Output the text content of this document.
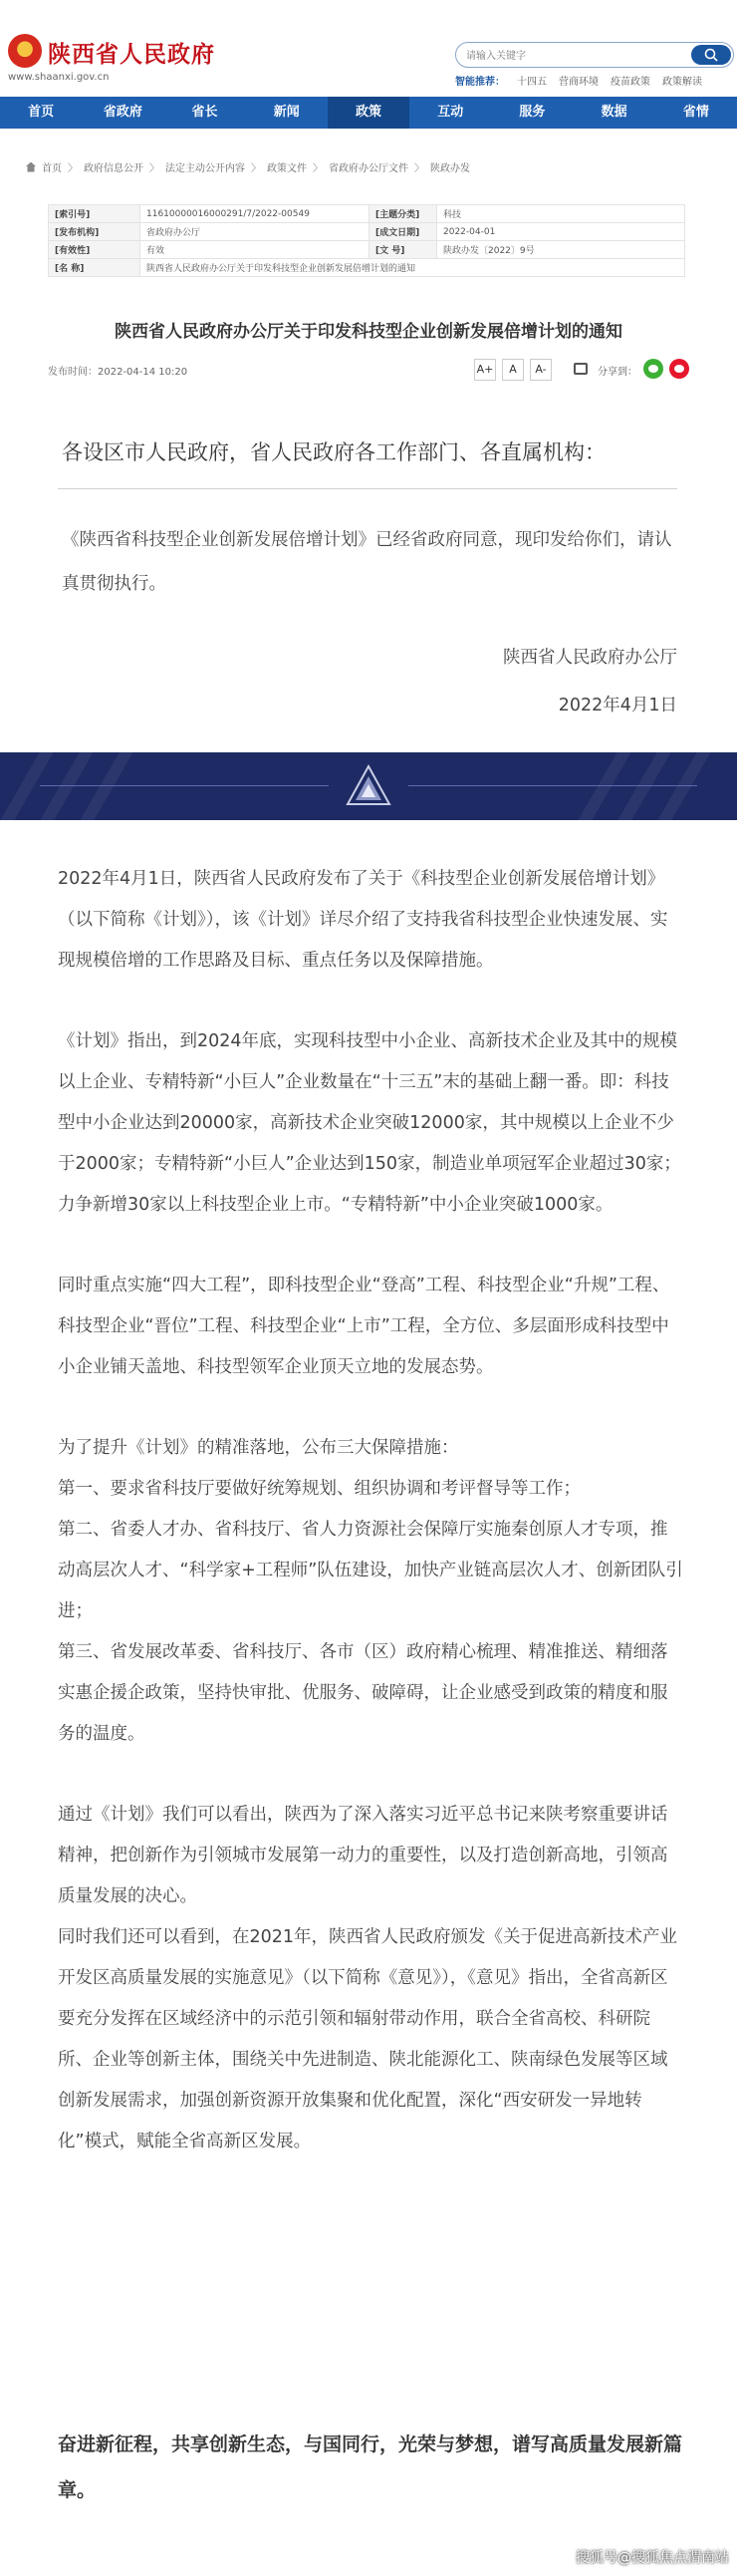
陕西省人民政府
www.shaanxi.gov.cn
请输入关键字	智能推荐： 十四五 营商环境 疫苗政策 政策解读
首页	省政府	省长	新闻	政策	互动	服务	数据	省情
首页 〉 政府信息公开 〉 法定主动公开内容 〉 政策文件 〉 省政府办公厅文件 〉 陕政办发
[索引号]	11610000016000291/7/2022-00549	[主题分类]	科技
[发布机构]	省政府办公厅	[成文日期]	2022-04-01
[有效性]	有效	[文 号]	陕政办发〔2022〕9号
[名 称]	陕西省人民政府办公厅关于印发科技型企业创新发展倍增计划的通知		
陕西省人民政府办公厅关于印发科技型企业创新发展倍增计划的通知
发布时间：2022-04-14 10:20	A+	A	A-	分享到：
各设区市人民政府，省人民政府各工作部门、各直属机构：
《陕西省科技型企业创新发展倍增计划》已经省政府同意，现印发给你们，请认真贯彻执行。
陕西省人民政府办公厅
2022年4月1日

2022年4月1日，陕西省人民政府发布了关于《科技型企业创新发展倍增计划》（以下简称《计划》），该《计划》详尽介绍了支持我省科技型企业快速发展、实现规模倍增的工作思路及目标、重点任务以及保障措施。

《计划》指出，到2024年底，实现科技型中小企业、高新技术企业及其中的规模以上企业、专精特新“小巨人”企业数量在“十三五”末的基础上翻一番。即：科技型中小企业达到20000家，高新技术企业突破12000家，其中规模以上企业不少于2000家；专精特新“小巨人”企业达到150家，制造业单项冠军企业超过30家；力争新增30家以上科技型企业上市。“专精特新”中小企业突破1000家。

同时重点实施“四大工程”，即科技型企业“登高”工程、科技型企业“升规”工程、科技型企业“晋位”工程、科技型企业“上市”工程，全方位、多层面形成科技型中小企业铺天盖地、科技型领军企业顶天立地的发展态势。

为了提升《计划》的精准落地，公布三大保障措施：

第一、要求省科技厅要做好统筹规划、组织协调和考评督导等工作；

第二、省委人才办、省科技厅、省人力资源社会保障厅实施秦创原人才专项，推动高层次人才、“科学家+工程师”队伍建设，加快产业链高层次人才、创新团队引进；

第三、省发展改革委、省科技厅、各市（区）政府精心梳理、精准推送、精细落实惠企援企政策，坚持快审批、优服务、破障碍，让企业感受到政策的精度和服务的温度。

通过《计划》我们可以看出，陕西为了深入落实习近平总书记来陕考察重要讲话精神，把创新作为引领城市发展第一动力的重要性，以及打造创新高地，引领高质量发展的决心。

同时我们还可以看到，在2021年，陕西省人民政府颁发《关于促进高新技术产业开发区高质量发展的实施意见》（以下简称《意见》），《意见》指出，全省高新区要充分发挥在区域经济中的示范引领和辐射带动作用，联合全省高校、科研院所、企业等创新主体，围绕关中先进制造、陕北能源化工、陕南绿色发展等区域创新发展需求，加强创新资源开放集聚和优化配置，深化“西安研发一异地转化”模式，赋能全省高新区发展。

奋进新征程，共享创新生态，与国同行，光荣与梦想，谱写高质量发展新篇章。
搜狐号@搜狐焦点渭南站
